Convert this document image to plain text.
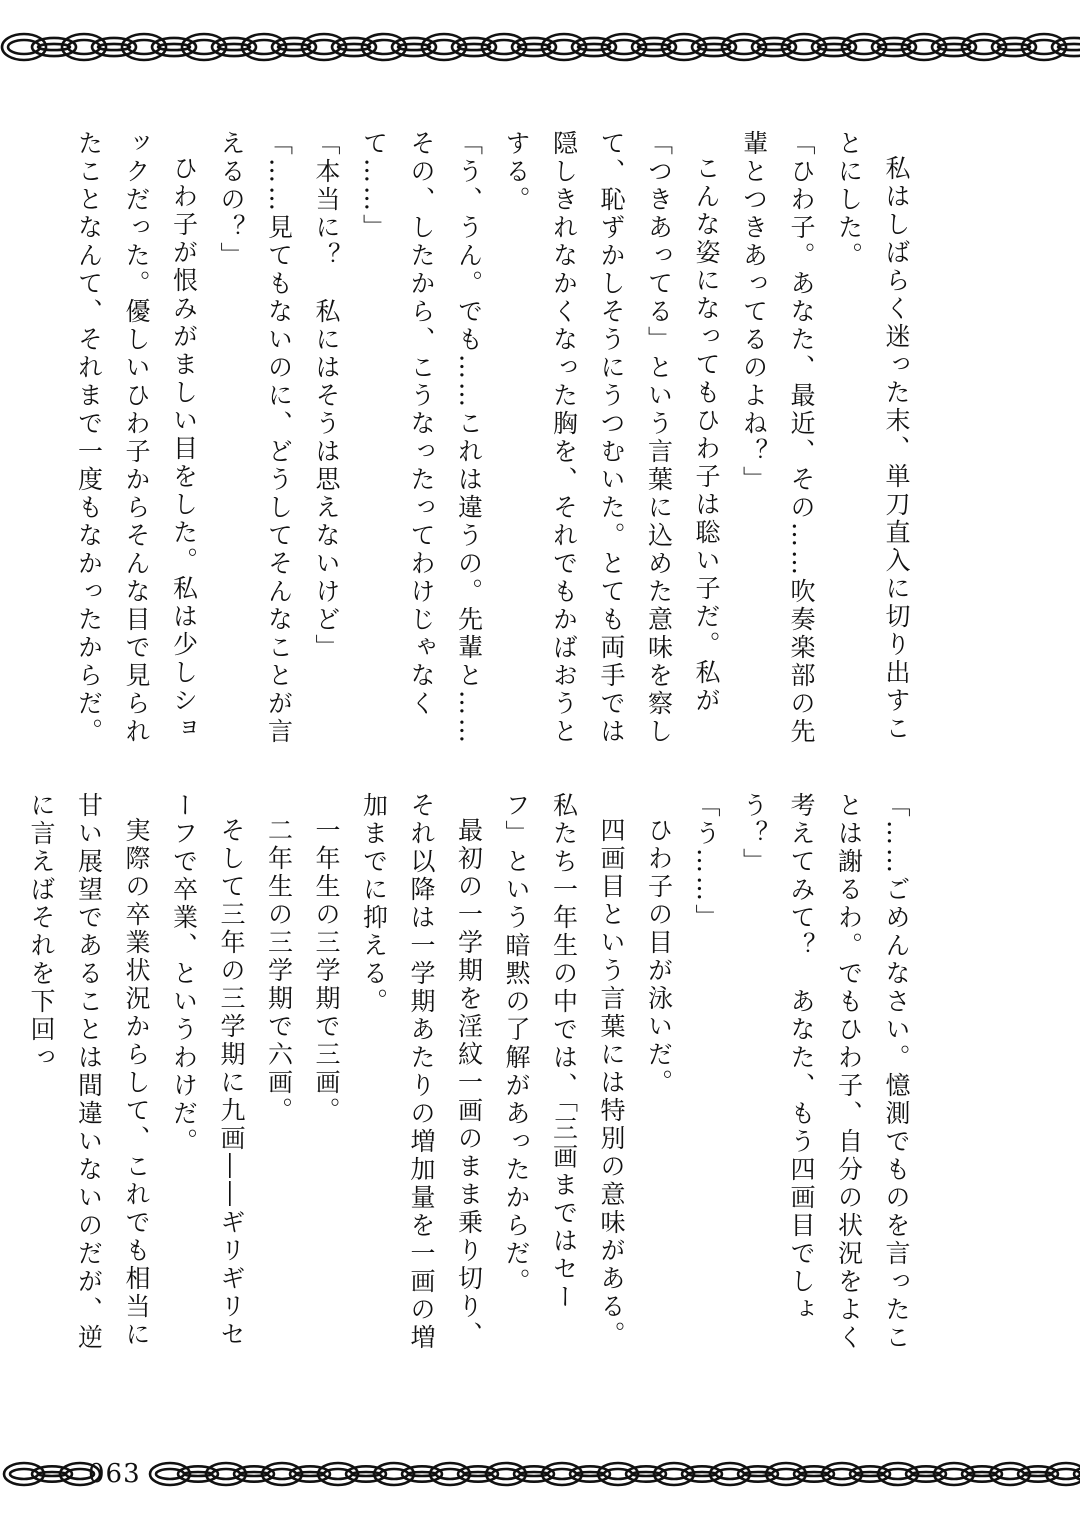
私はしばらく迷った末、単刀直入に切り出すことにした。

「ひわ子。あなた、最近、その……吹奏楽部の先輩とつきあってるのよね？」

こんな姿になってもひわ子は聡い子だ。私が「つきあってる」という言葉に込めた意味を察して、恥ずかしそうにうつむいた。とても両手では隠しきれなかくなった胸を、それでもかばおうとする。

「う、うん。でも……これは違うの。先輩と……その、したから、こうなったってわけじゃなくて……」

「本当に？　私にはそうは思えないけど」

「……見てもないのに、どうしてそんなことが言えるの？」

ひわ子が恨みがましい目をした。私は少しショックだった。優しいひわ子からそんな目で見られたことなんて、それまで一度もなかったからだ。

「……ごめんなさい。憶測でものを言ったことは謝るわ。でもひわ子、自分の状況をよく考えてみて？　あなた、もう四画目でしょう？」

「う……」

ひわ子の目が泳いだ。

四画目という言葉には特別の意味がある。私たち一年生の中では、「三画まではセーフ」という暗黙の了解があったからだ。

最初の一学期を淫紋一画のまま乗り切り、それ以降は一学期あたりの増加量を一画の増加までに抑える。

一年生の三学期で三画。

二年生の三学期で六画。

そして三年の三学期に九画――ギリギリセーフで卒業、というわけだ。

実際の卒業状況からして、これでも相当に甘い展望であることは間違いないのだが、逆に言えばそれを下回っ

063
